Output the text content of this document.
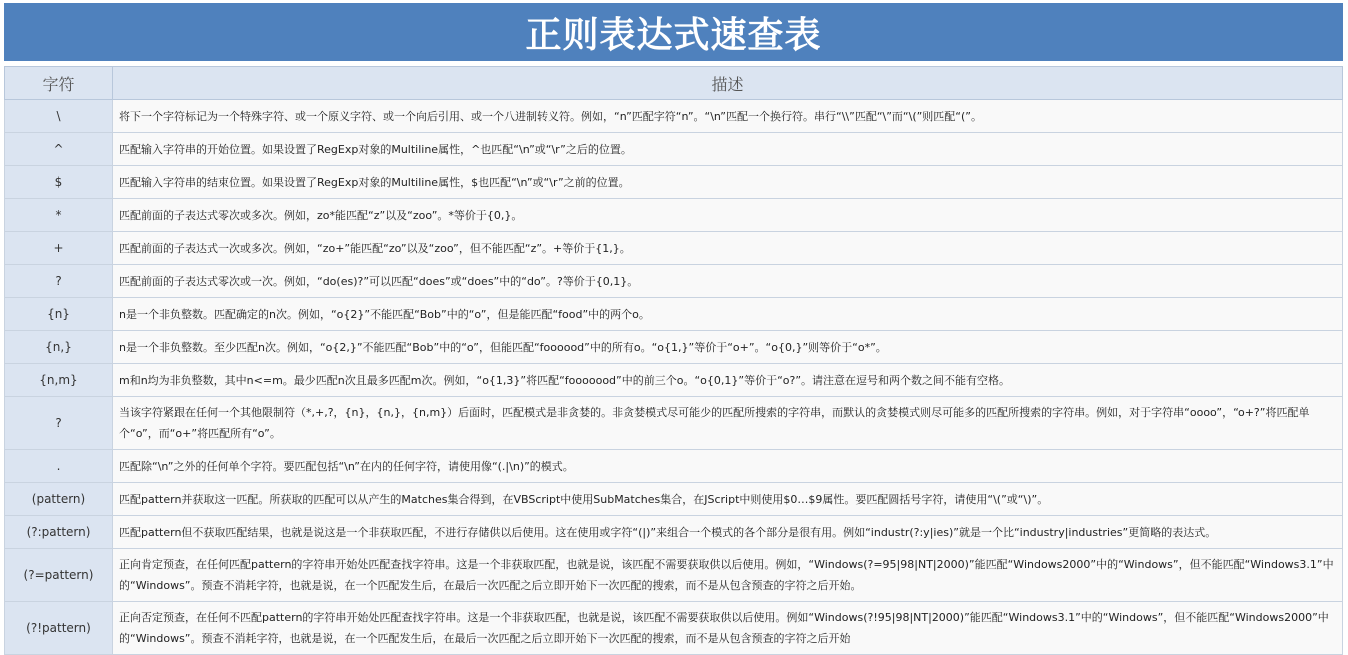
正则表达式速查表
字符	描述
\	将下一个字符标记为一个特殊字符、或一个原义字符、或一个向后引用、或一个八进制转义符。例如，“n”匹配字符“n”。“\n”匹配一个换行符。串行“\\”匹配“\”而“\(”则匹配“(”。
^	匹配输入字符串的开始位置。如果设置了RegExp对象的Multiline属性，^也匹配“\n”或“\r”之后的位置。
$	匹配输入字符串的结束位置。如果设置了RegExp对象的Multiline属性，$也匹配“\n”或“\r”之前的位置。
*	匹配前面的子表达式零次或多次。例如，zo*能匹配“z”以及“zoo”。*等价于{0,}。
+	匹配前面的子表达式一次或多次。例如，“zo+”能匹配“zo”以及“zoo”，但不能匹配“z”。+等价于{1,}。
?	匹配前面的子表达式零次或一次。例如，“do(es)?”可以匹配“does”或“does”中的“do”。?等价于{0,1}。
{n}	n是一个非负整数。匹配确定的n次。例如，“o{2}”不能匹配“Bob”中的“o”，但是能匹配“food”中的两个o。
{n,}	n是一个非负整数。至少匹配n次。例如，“o{2,}”不能匹配“Bob”中的“o”，但能匹配“foooood”中的所有o。“o{1,}”等价于“o+”。“o{0,}”则等价于“o*”。
{n,m}	m和n均为非负整数，其中n<=m。最少匹配n次且最多匹配m次。例如，“o{1,3}”将匹配“fooooood”中的前三个o。“o{0,1}”等价于“o?”。请注意在逗号和两个数之间不能有空格。
?	当该字符紧跟在任何一个其他限制符（*,+,?，{n}，{n,}，{n,m}）后面时，匹配模式是非贪婪的。非贪婪模式尽可能少的匹配所搜索的字符串，而默认的贪婪模式则尽可能多的匹配所搜索的字符串。例如，对于字符串“oooo”，“o+?”将匹配单个“o”，而“o+”将匹配所有“o”。
.	匹配除“\n”之外的任何单个字符。要匹配包括“\n”在内的任何字符，请使用像“(.|\n)”的模式。
(pattern)	匹配pattern并获取这一匹配。所获取的匹配可以从产生的Matches集合得到，在VBScript中使用SubMatches集合，在JScript中则使用$0…$9属性。要匹配圆括号字符，请使用“\(”或“\)”。
(?:pattern)	匹配pattern但不获取匹配结果，也就是说这是一个非获取匹配，不进行存储供以后使用。这在使用或字符“(|)”来组合一个模式的各个部分是很有用。例如“industr(?:y|ies)”就是一个比“industry|industries”更简略的表达式。
(?=pattern)	正向肯定预查，在任何匹配pattern的字符串开始处匹配查找字符串。这是一个非获取匹配，也就是说，该匹配不需要获取供以后使用。例如，“Windows(?=95|98|NT|2000)”能匹配“Windows2000”中的“Windows”，但不能匹配“Windows3.1”中的“Windows”。预查不消耗字符，也就是说，在一个匹配发生后，在最后一次匹配之后立即开始下一次匹配的搜索，而不是从包含预查的字符之后开始。
(?!pattern)	正向否定预查，在任何不匹配pattern的字符串开始处匹配查找字符串。这是一个非获取匹配，也就是说，该匹配不需要获取供以后使用。例如“Windows(?!95|98|NT|2000)”能匹配“Windows3.1”中的“Windows”，但不能匹配“Windows2000”中的“Windows”。预查不消耗字符，也就是说，在一个匹配发生后，在最后一次匹配之后立即开始下一次匹配的搜索，而不是从包含预查的字符之后开始
